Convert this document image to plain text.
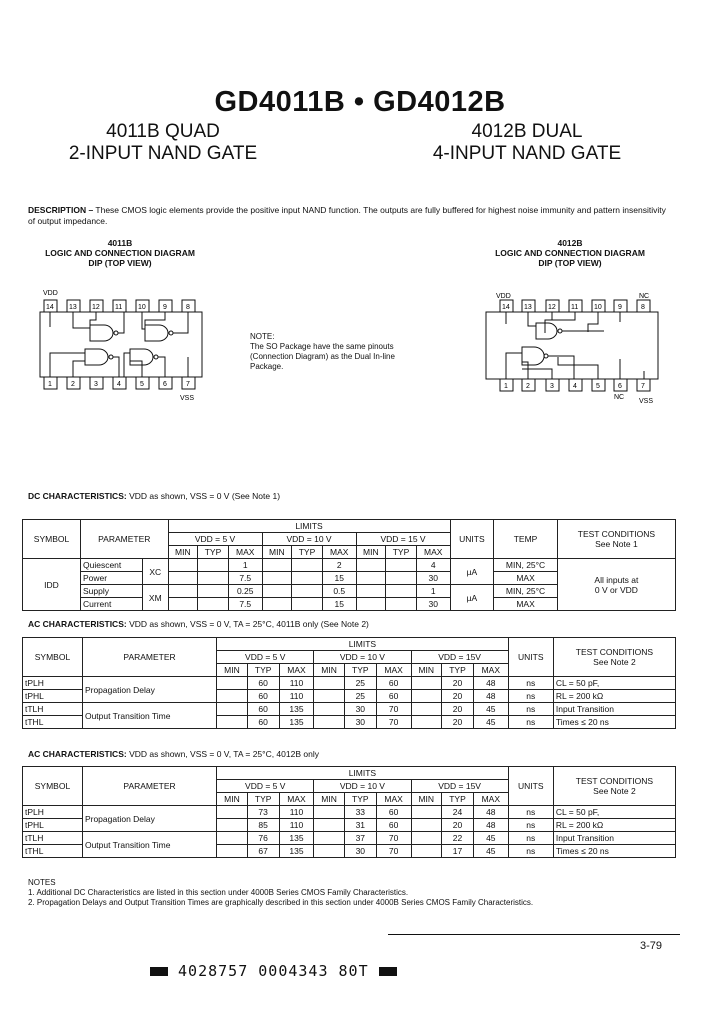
GD4011B • GD4012B
4011B QUAD
2-INPUT NAND GATE
4012B DUAL
4-INPUT NAND GATE
DESCRIPTION – These CMOS logic elements provide the positive input NAND function. The outputs are fully buffered for highest noise immunity and pattern insensitivity of output impedance.
4011B
LOGIC AND CONNECTION DIAGRAM
DIP (TOP VIEW)
VDD
14 13 12 11 10 9	8
1	2	3	4	5	6	7
VSS
NOTE:
The SO Package have the same pinouts (Connection Diagram) as the Dual In-line Package.
4012B
LOGIC AND CONNECTION DIAGRAM
DIP (TOP VIEW)
VDD	NC
14 13 12 11 10 9	8
1	2	3	4	5	6	7
NC
VSS
DC CHARACTERISTICS: VDD as shown, VSS = 0 V (See Note 1)
SYMBOL	PARAMETER		LIMITS									UNITS	TEMP	TEST CONDITIONS
See Note 1

			VDD = 5 V			VDD = 10 V			VDD = 15 V					
			MIN	TYP	MAX	MIN	TYP	MAX	MIN	TYP	MAX			
IDD	Quiescent	XC			1			2			4	µA	MIN, 25°C	All inputs at
0 V or VDD

	Power				7.5			15			30		MAX	
	Supply	XM			0.25			0.5			1	µA	MIN, 25°C	
	Current				7.5			15			30		MAX	
AC CHARACTERISTICS: VDD as shown, VSS = 0 V, TA = 25°C, 4011B only (See Note 2)
SYMBOL	PARAMETER	LIMITS									UNITS	TEST CONDITIONS
See Note 2

		VDD = 5 V			VDD = 10 V			VDD = 15V				
		MIN	TYP	MAX	MIN	TYP	MAX	MIN	TYP	MAX		
tPLH	Propagation Delay		60	110		25	60		20	48	ns	CL = 50 pF,
tPHL			60	110		25	60		20	48	ns	RL = 200 kΩ
tTLH	Output Transition Time		60	135		30	70		20	45	ns	Input Transition
tTHL			60	135		30	70		20	45	ns	Times ≤ 20 ns
AC CHARACTERISTICS: VDD as shown, VSS = 0 V, TA = 25°C, 4012B only
SYMBOL	PARAMETER	LIMITS									UNITS	TEST CONDITIONS
See Note 2

		VDD = 5 V			VDD = 10 V			VDD = 15V				
		MIN	TYP	MAX	MIN	TYP	MAX	MIN	TYP	MAX		
tPLH	Propagation Delay		73	110		33	60		24	48	ns	CL = 50 pF,
tPHL			85	110		31	60		20	48	ns	RL = 200 kΩ
tTLH	Output Transition Time		76	135		37	70		22	45	ns	Input Transition
tTHL			67	135		30	70		17	45	ns	Times ≤ 20 ns
NOTES
1. Additional DC Characteristics are listed in this section under 4000B Series CMOS Family Characteristics.
2. Propagation Delays and Output Transition Times are graphically described in this section under 4000B Series CMOS Family Characteristics.
3-79
4028757 0004343 80T
